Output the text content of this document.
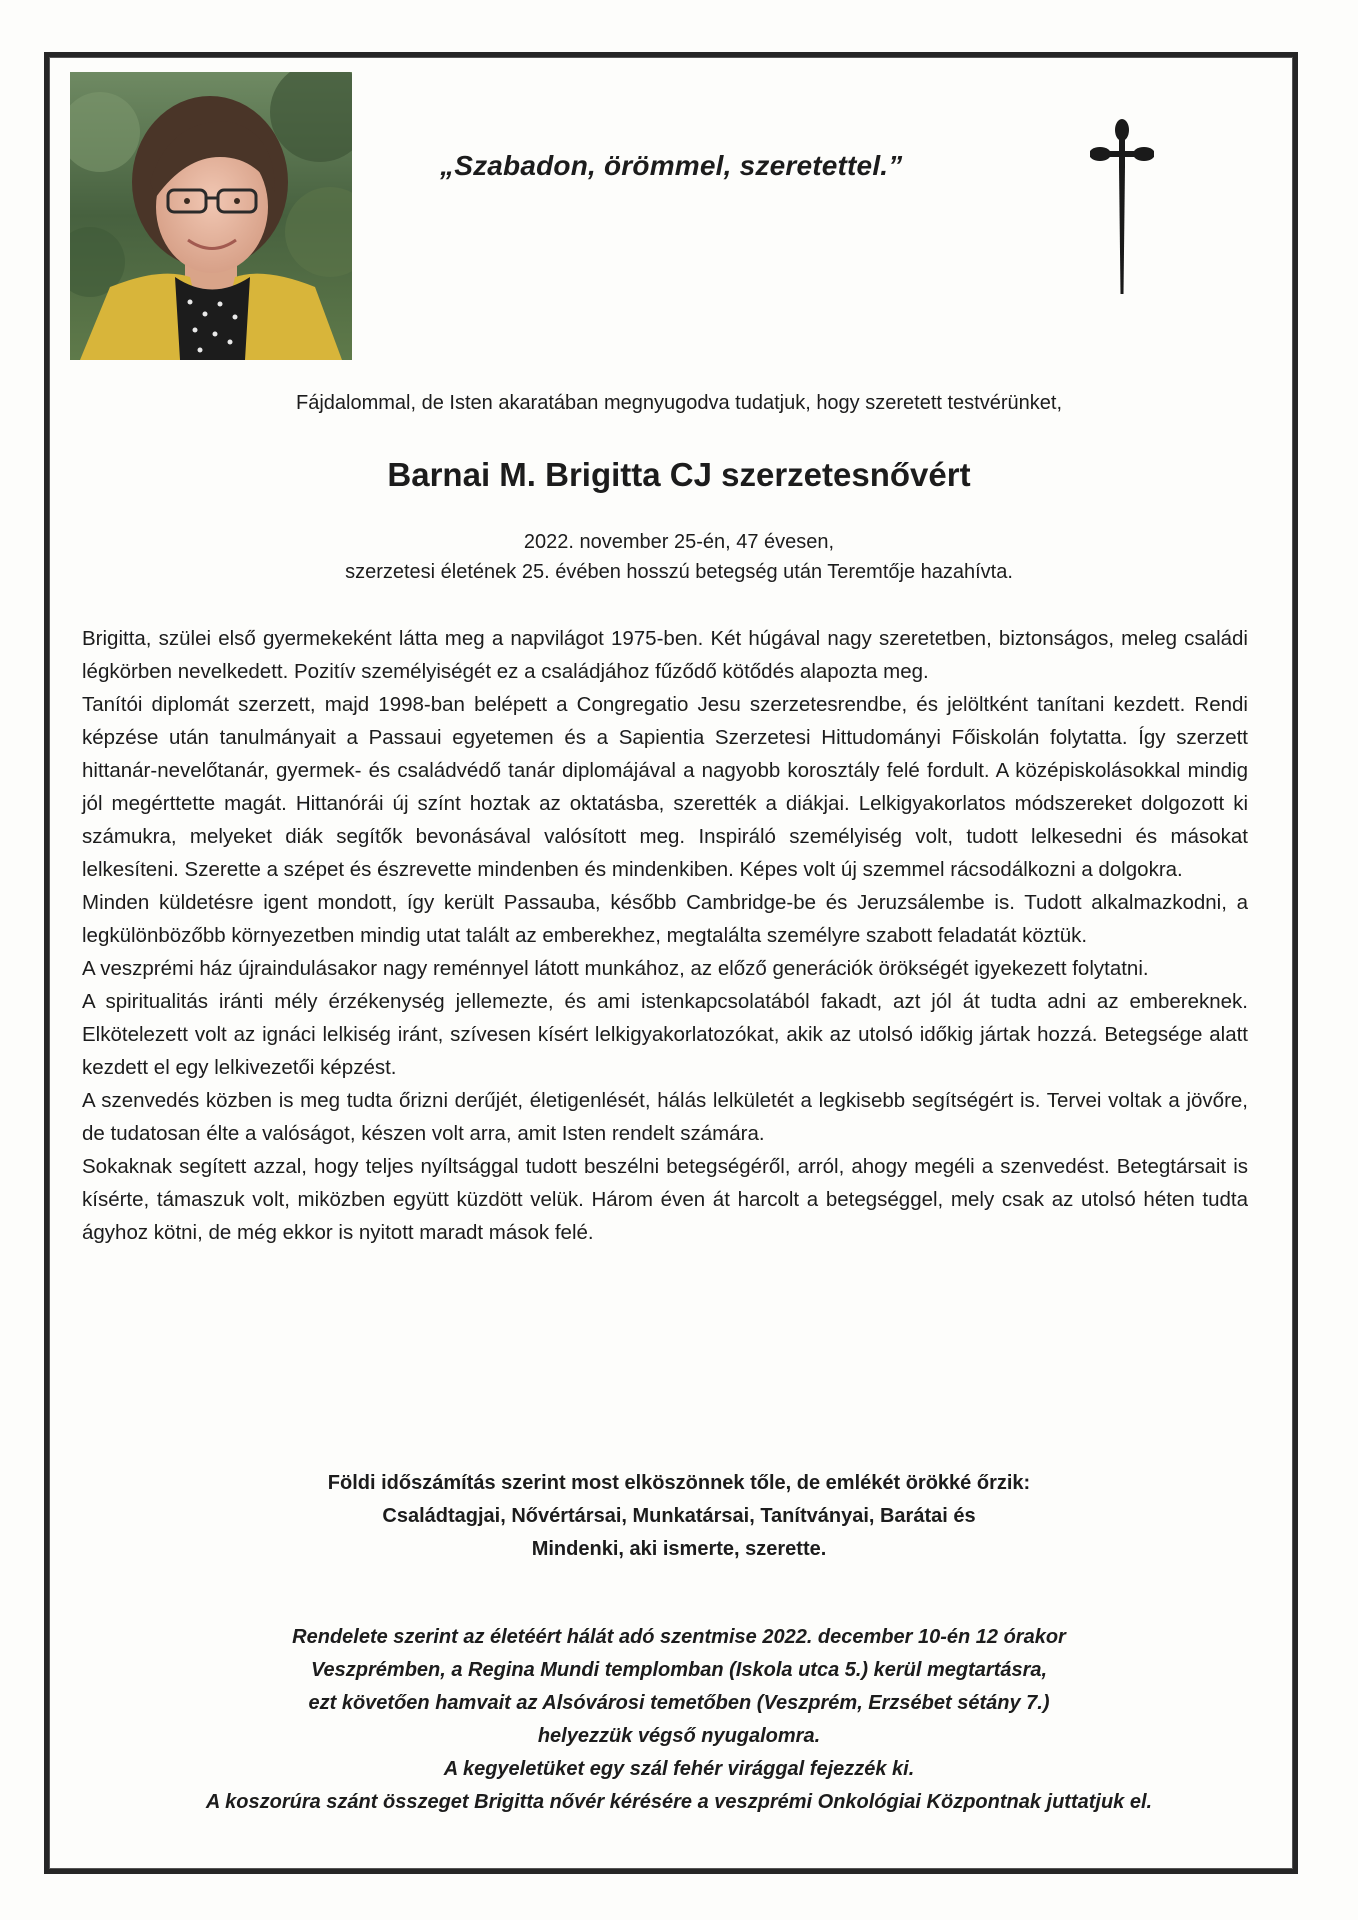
„Szabadon, örömmel, szeretettel.”
Fájdalommal, de Isten akaratában megnyugodva tudatjuk, hogy szeretett testvérünket,
Barnai M. Brigitta CJ szerzetesnővért
2022. november 25-én, 47 évesen,
szerzetesi életének 25. évében hosszú betegség után Teremtője hazahívta.

Brigitta, szülei első gyermekeként látta meg a napvilágot 1975-ben. Két húgával nagy szeretetben, biztonságos, meleg családi légkörben nevelkedett. Pozitív személyiségét ez a családjához fűződő kötődés alapozta meg.

Tanítói diplomát szerzett, majd 1998-ban belépett a Congregatio Jesu szerzetesrendbe, és jelöltként tanítani kezdett. Rendi képzése után tanulmányait a Passaui egyetemen és a Sapientia Szerzetesi Hittudományi Főiskolán folytatta. Így szerzett hittanár-nevelőtanár, gyermek- és családvédő tanár diplomájával a nagyobb korosztály felé fordult. A középiskolásokkal mindig jól megérttette magát. Hittanórái új színt hoztak az oktatásba, szerették a diákjai. Lelkigyakorlatos módszereket dolgozott ki számukra, melyeket diák segítők bevonásával valósított meg. Inspiráló személyiség volt, tudott lelkesedni és másokat lelkesíteni. Szerette a szépet és észrevette mindenben és mindenkiben. Képes volt új szemmel rácsodálkozni a dolgokra.

Minden küldetésre igent mondott, így került Passauba, később Cambridge-be és Jeruzsálembe is. Tudott alkalmazkodni, a legkülönbözőbb környezetben mindig utat talált az emberekhez, megtalálta személyre szabott feladatát köztük.

A veszprémi ház újraindulásakor nagy reménnyel látott munkához, az előző generációk örökségét igyekezett folytatni.

A spiritualitás iránti mély érzékenység jellemezte, és ami istenkapcsolatából fakadt, azt jól át tudta adni az embereknek. Elkötelezett volt az ignáci lelkiség iránt, szívesen kísért lelkigyakorlatozókat, akik az utolsó időkig jártak hozzá. Betegsége alatt kezdett el egy lelkivezetői képzést.

A szenvedés közben is meg tudta őrizni derűjét, életigenlését, hálás lelkületét a legkisebb segítségért is. Tervei voltak a jövőre, de tudatosan élte a valóságot, készen volt arra, amit Isten rendelt számára.

Sokaknak segített azzal, hogy teljes nyíltsággal tudott beszélni betegségéről, arról, ahogy megéli a szenvedést. Betegtársait is kísérte, támaszuk volt, miközben együtt küzdött velük. Három éven át harcolt a betegséggel, mely csak az utolsó héten tudta ágyhoz kötni, de még ekkor is nyitott maradt mások felé.

Földi időszámítás szerint most elköszönnek tőle, de emlékét örökké őrzik:
Családtagjai, Nővértársai, Munkatársai, Tanítványai, Barátai és
Mindenki, aki ismerte, szerette.
Rendelete szerint az életéért hálát adó szentmise 2022. december 10-én 12 órakor
Veszprémben, a Regina Mundi templomban (Iskola utca 5.) kerül megtartásra,
ezt követően hamvait az Alsóvárosi temetőben (Veszprém, Erzsébet sétány 7.)
helyezzük végső nyugalomra.
A kegyeletüket egy szál fehér virággal fejezzék ki.
A koszorúra szánt összeget Brigitta nővér kérésére a veszprémi Onkológiai Központnak juttatjuk el.
